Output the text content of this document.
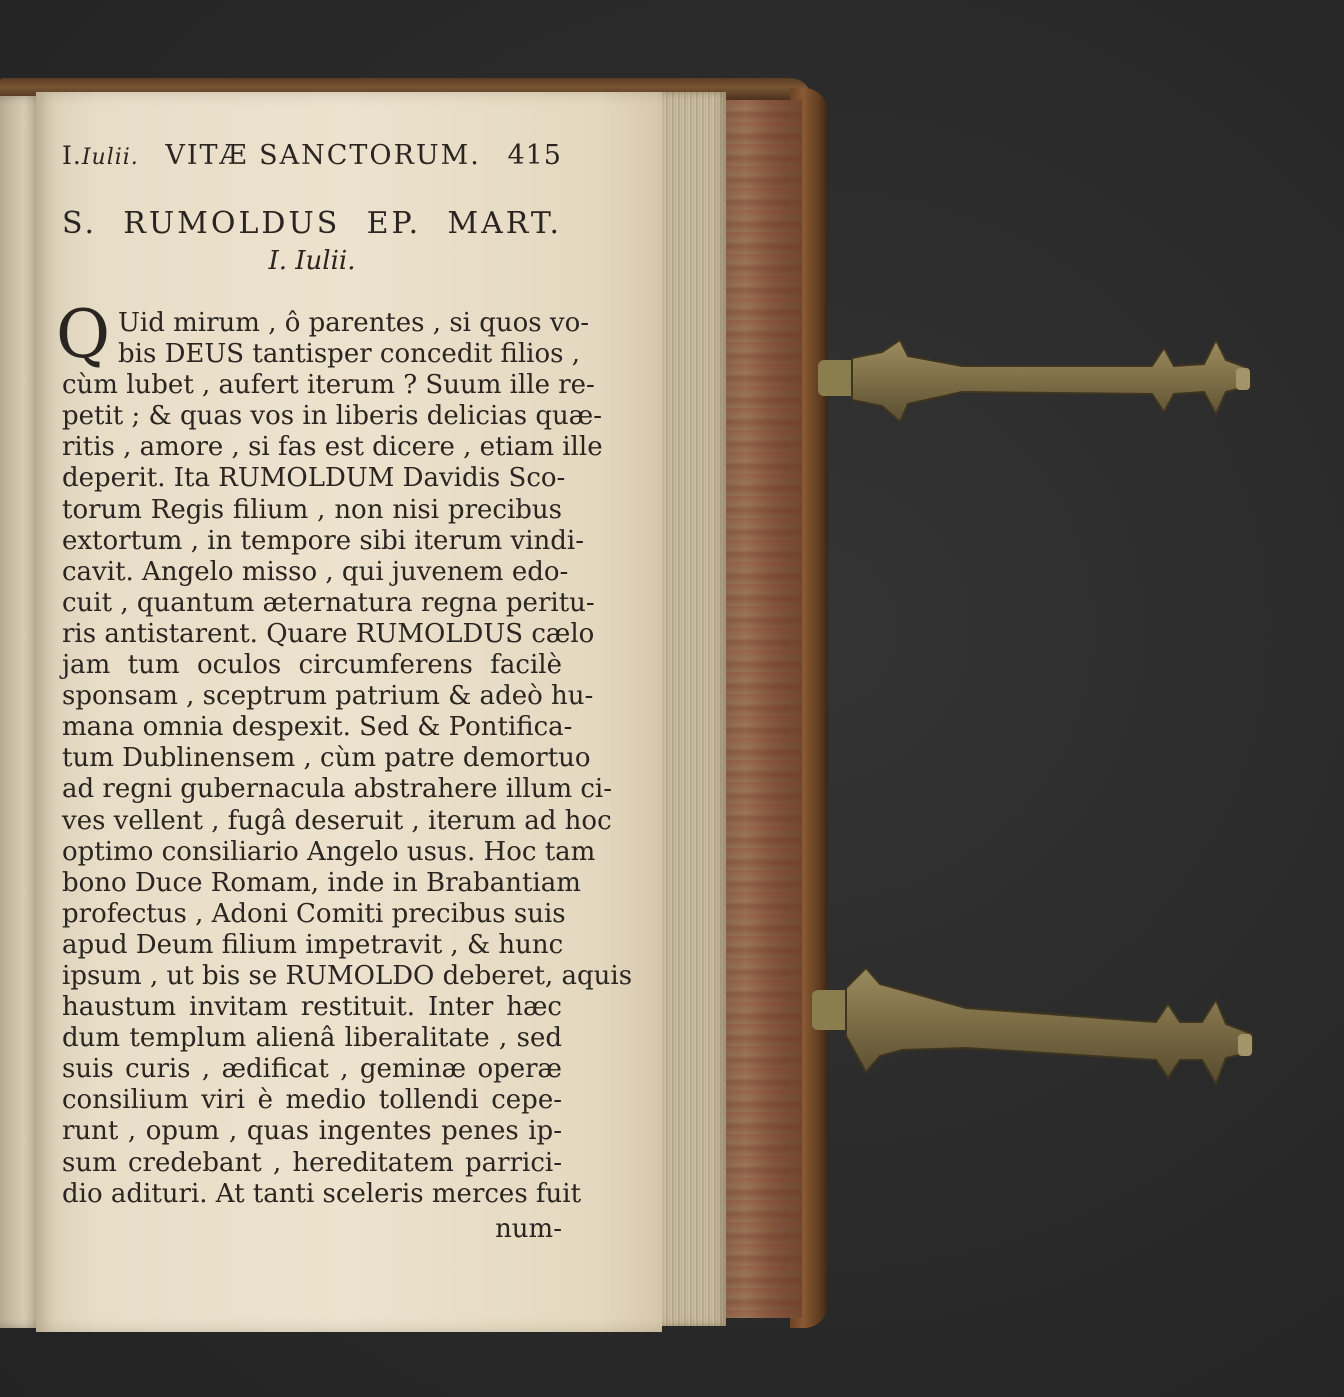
I.Iulii. VITÆ SANCTORUM. 415
S. RUMOLDUS EP. MART.
I. Iulii.
Q Uid mirum , ô parentes , si quos vo-
bis DEUS tantisper concedit filios ,
cùm lubet , aufert iterum ? Suum ille re-
petit ; & quas vos in liberis delicias quæ-
ritis , amore , si fas est dicere , etiam ille
deperit. Ita RUMOLDUM Davidis Sco-
torum Regis filium , non nisi precibus
extortum , in tempore sibi iterum vindi-
cavit. Angelo misso , qui juvenem edo-
cuit , quantum æternatura regna peritu-
ris antistarent. Quare RUMOLDUS cælo
jam tum oculos circumferens facilè
sponsam , sceptrum patrium & adeò hu-
mana omnia despexit. Sed & Pontifica-
tum Dublinensem , cùm patre demortuo
ad regni gubernacula abstrahere illum ci-
ves vellent , fugâ deseruit , iterum ad hoc
optimo consiliario Angelo usus. Hoc tam
bono Duce Romam, inde in Brabantiam
profectus , Adoni Comiti precibus suis
apud Deum filium impetravit , & hunc
ipsum , ut bis se RUMOLDO deberet, aquis
haustum invitam restituit. Inter hæc
dum templum alienâ liberalitate , sed
suis curis , ædificat , geminæ operæ
consilium viri è medio tollendi cepe-
runt , opum , quas ingentes penes ip-
sum credebant , hereditatem parrici-
dio adituri. At tanti sceleris merces fuit
num-
